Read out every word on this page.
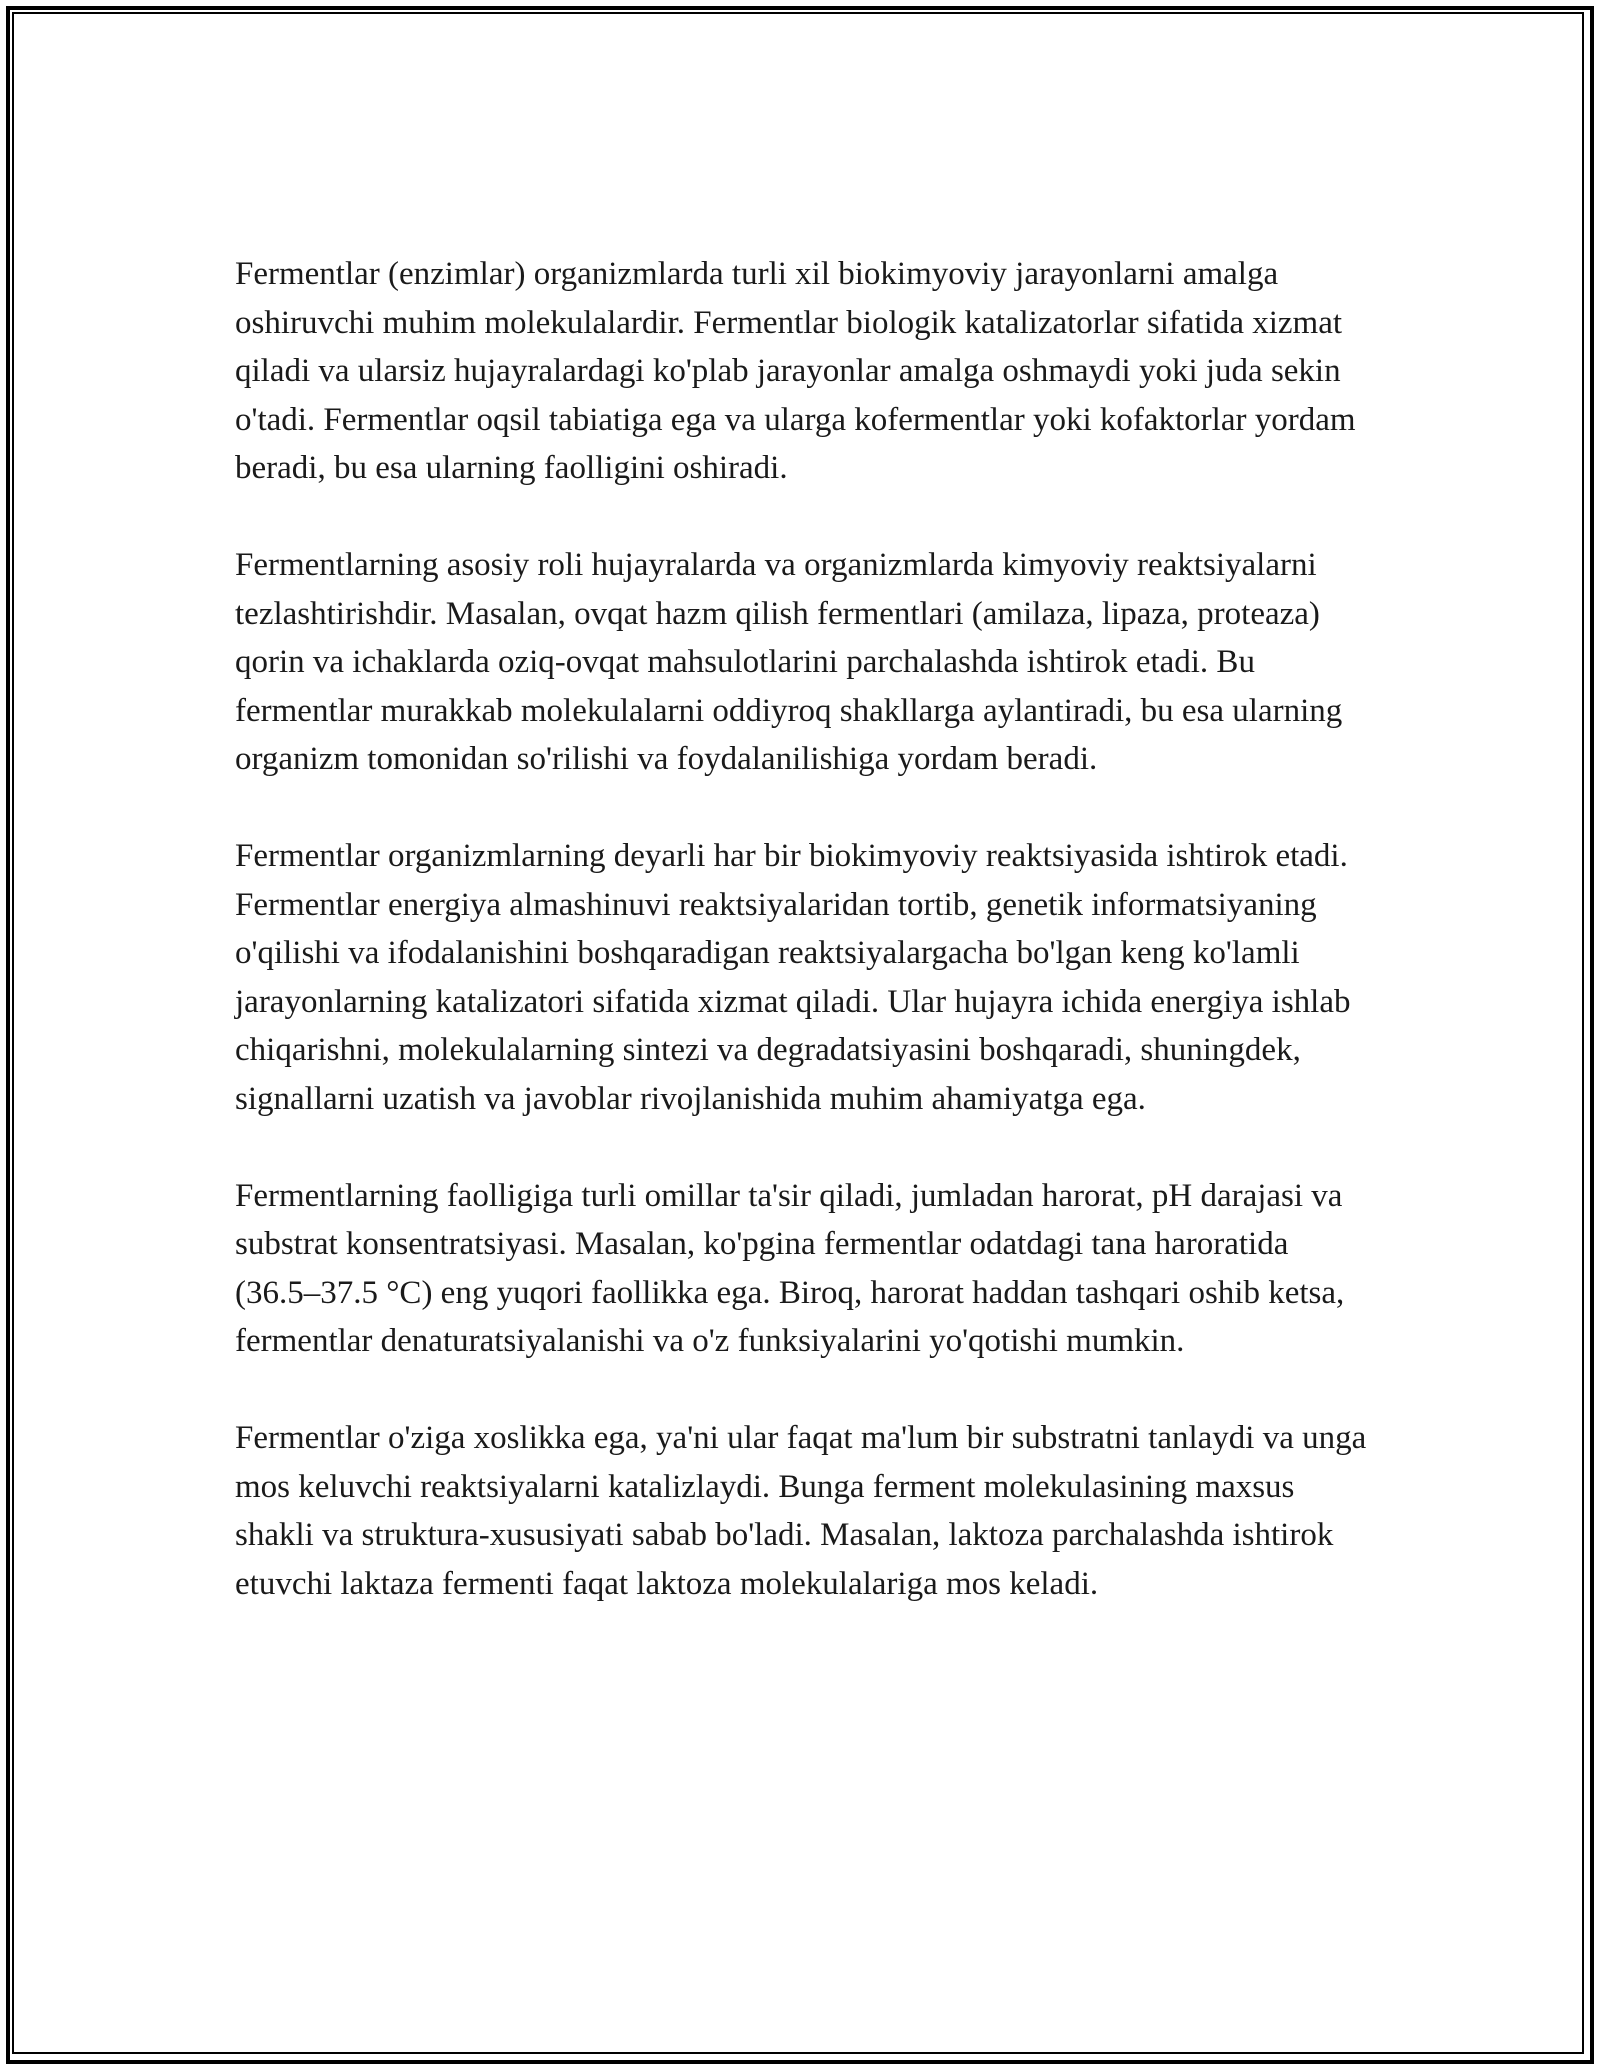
Fermentlar (enzimlar) organizmlarda turli xil biokimyoviy jarayonlarni amalga oshiruvchi muhim molekulalardir. Fermentlar biologik katalizatorlar sifatida xizmat qiladi va ularsiz hujayralardagi ko'plab jarayonlar amalga oshmaydi yoki juda sekin o'tadi. Fermentlar oqsil tabiatiga ega va ularga kofermentlar yoki kofaktorlar yordam beradi, bu esa ularning faolligini oshiradi.

Fermentlarning asosiy roli hujayralarda va organizmlarda kimyoviy reaktsiyalarni tezlashtirishdir. Masalan, ovqat hazm qilish fermentlari (amilaza, lipaza, proteaza) qorin va ichaklarda oziq-ovqat mahsulotlarini parchalashda ishtirok etadi. Bu fermentlar murakkab molekulalarni oddiyroq shakllarga aylantiradi, bu esa ularning organizm tomonidan so'rilishi va foydalanilishiga yordam beradi.

Fermentlar organizmlarning deyarli har bir biokimyoviy reaktsiyasida ishtirok etadi. Fermentlar energiya almashinuvi reaktsiyalaridan tortib, genetik informatsiyaning o'qilishi va ifodalanishini boshqaradigan reaktsiyalargacha bo'lgan keng ko'lamli jarayonlarning katalizatori sifatida xizmat qiladi. Ular hujayra ichida energiya ishlab chiqarishni, molekulalarning sintezi va degradatsiyasini boshqaradi, shuningdek, signallarni uzatish va javoblar rivojlanishida muhim ahamiyatga ega.

Fermentlarning faolligiga turli omillar ta'sir qiladi, jumladan harorat, pH darajasi va substrat konsentratsiyasi. Masalan, ko'pgina fermentlar odatdagi tana haroratida (36.5–37.5 °C) eng yuqori faollikka ega. Biroq, harorat haddan tashqari oshib ketsa, fermentlar denaturatsiyalanishi va o'z funksiyalarini yo'qotishi mumkin.

Fermentlar o'ziga xoslikka ega, ya'ni ular faqat ma'lum bir substratni tanlaydi va unga mos keluvchi reaktsiyalarni katalizlaydi. Bunga ferment molekulasining maxsus shakli va struktura-xususiyati sabab bo'ladi. Masalan, laktoza parchalashda ishtirok etuvchi laktaza fermenti faqat laktoza molekulalariga mos keladi.
